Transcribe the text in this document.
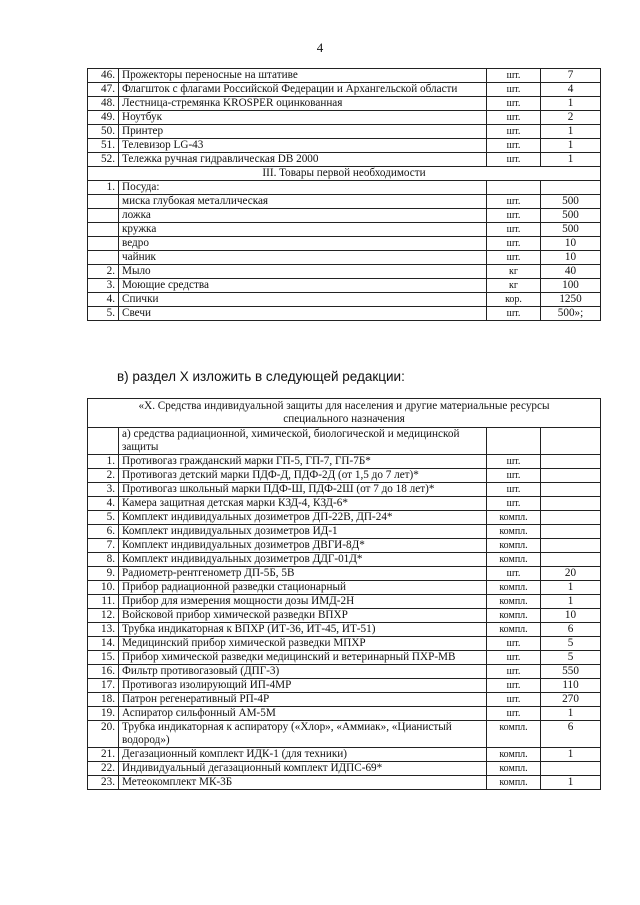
4
46.	Прожекторы переносные на штативе	шт.	7
47.	Флагшток с флагами Российской Федерации и Архангельской области	шт.	4
48.	Лестница-стремянка KROSPER оцинкованная	шт.	1
49.	Ноутбук	шт.	2
50.	Принтер	шт.	1
51.	Телевизор LG-43	шт.	1
52.	Тележка ручная гидравлическая DB 2000	шт.	1
III. Товары первой необходимости			
1.	Посуда:		
	миска глубокая металлическая	шт.	500
	ложка	шт.	500
	кружка	шт.	500
	ведро	шт.	10
	чайник	шт.	10
2.	Мыло	кг	40
3.	Моющие средства	кг	100
4.	Спички	кор.	1250
5.	Свечи	шт.	500»;
в) раздел X изложить в следующей редакции:
«X. Средства индивидуальной защиты для населения и другие материальные ресурсы специального назначения			
	а) средства радиационной, химической, биологической и медицинской защиты		
1.	Противогаз гражданский марки ГП-5, ГП-7, ГП-7Б*	шт.	
2.	Противогаз детский марки ПДФ-Д, ПДФ-2Д (от 1,5 до 7 лет)*	шт.	
3.	Противогаз школьный марки ПДФ-Ш, ПДФ-2Ш (от 7 до 18 лет)*	шт.	
4.	Камера защитная детская марки КЗД-4, КЗД-6*	шт.	
5.	Комплект индивидуальных дозиметров ДП-22В, ДП-24*	компл.	
6.	Комплект индивидуальных дозиметров ИД-1	компл.	
7.	Комплект индивидуальных дозиметров ДВГИ-8Д*	компл.	
8.	Комплект индивидуальных дозиметров ДДГ-01Д*	компл.	
9.	Радиометр-рентгенометр ДП-5Б, 5В	шт.	20
10.	Прибор радиационной разведки стационарный	компл.	1
11.	Прибор для измерения мощности дозы ИМД-2Н	компл.	1
12.	Войсковой прибор химической разведки ВПХР	компл.	10
13.	Трубка индикаторная к ВПХР (ИТ-36, ИТ-45, ИТ-51)	компл.	6
14.	Медицинский прибор химической разведки МПХР	шт.	5
15.	Прибор химической разведки медицинский и ветеринарный ПХР-МВ	шт.	5
16.	Фильтр противогазовый (ДПГ-3)	шт.	550
17.	Противогаз изолирующий ИП-4МР	шт.	110
18.	Патрон регенеративный РП-4Р	шт.	270
19.	Аспиратор сильфонный АМ-5М	шт.	1
20.	Трубка индикаторная к аспиратору («Хлор», «Аммиак», «Цианистый водород»)	компл.	6
21.	Дегазационный комплект ИДК-1 (для техники)	компл.	1
22.	Индивидуальный дегазационный комплект ИДПС-69*	компл.	
23.	Метеокомплект МК-3Б	компл.	1
